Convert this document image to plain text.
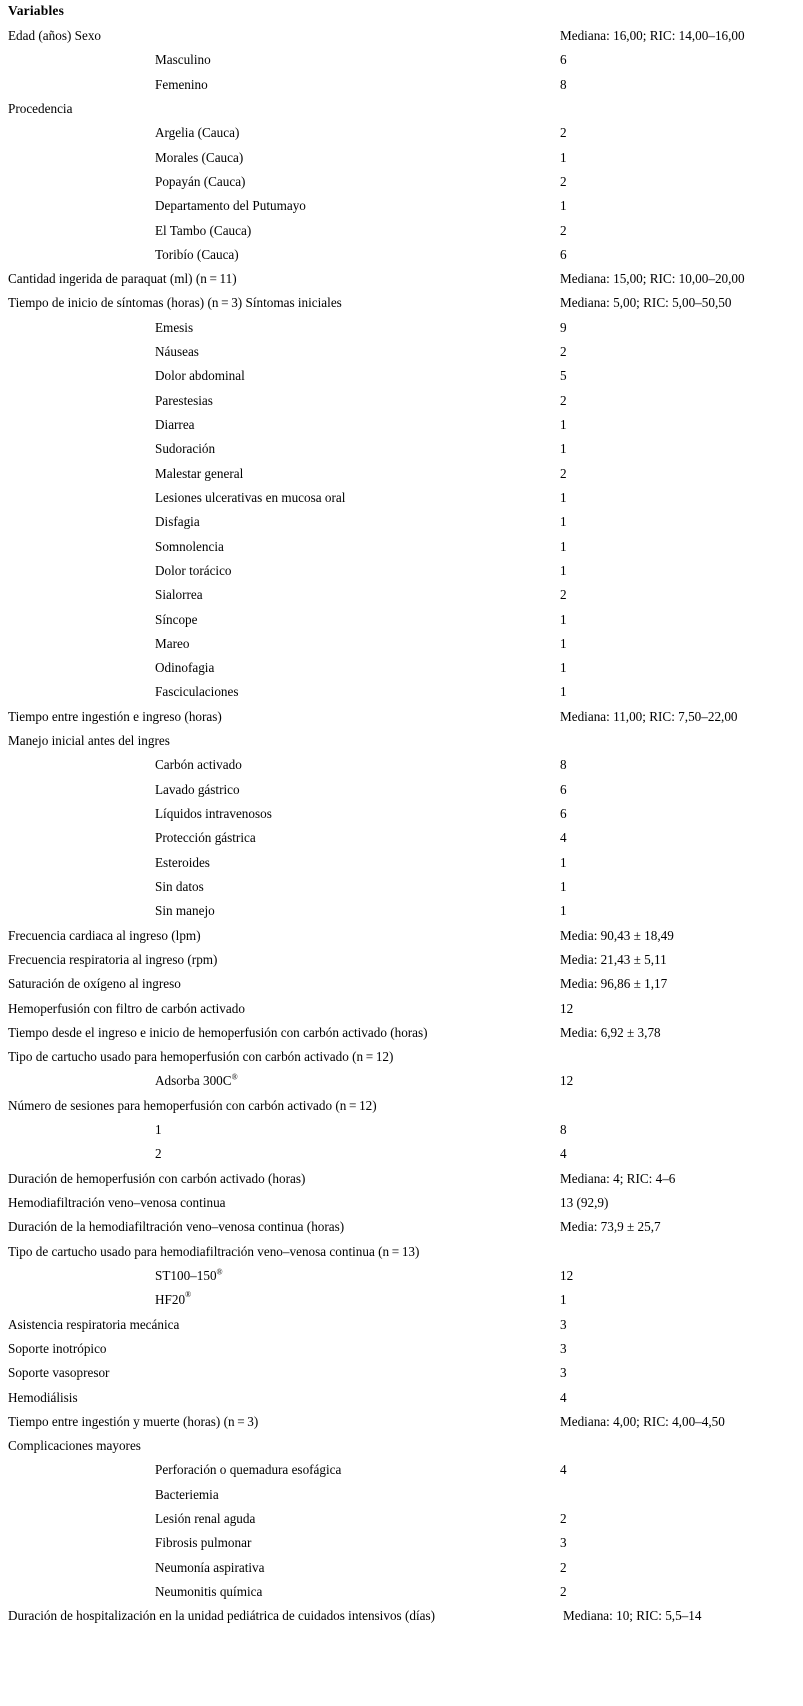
Variables
Edad (años) Sexo	Mediana: 16,00; RIC: 14,00–16,00
Masculino	6
Femenino	8
Procedencia
Argelia (Cauca)	2
Morales (Cauca)	1
Popayán (Cauca)	2
Departamento del Putumayo	1
El Tambo (Cauca)	2
Toribío (Cauca)	6
Cantidad ingerida de paraquat (ml) (n = 11)	Mediana: 15,00; RIC: 10,00–20,00
Tiempo de inicio de síntomas (horas) (n = 3) Síntomas iniciales	Mediana: 5,00; RIC: 5,00–50,50
Emesis	9
Náuseas	2
Dolor abdominal	5
Parestesias	2
Diarrea	1
Sudoración	1
Malestar general	2
Lesiones ulcerativas en mucosa oral	1
Disfagia	1
Somnolencia	1
Dolor torácico	1
Sialorrea	2
Síncope	1
Mareo	1
Odinofagia	1
Fasciculaciones	1
Tiempo entre ingestión e ingreso (horas)	Mediana: 11,00; RIC: 7,50–22,00
Manejo inicial antes del ingres
Carbón activado	8
Lavado gástrico	6
Líquidos intravenosos	6
Protección gástrica	4
Esteroides	1
Sin datos	1
Sin manejo	1
Frecuencia cardiaca al ingreso (lpm)	Media: 90,43 ± 18,49
Frecuencia respiratoria al ingreso (rpm)	Media: 21,43 ± 5,11
Saturación de oxígeno al ingreso	Media: 96,86 ± 1,17
Hemoperfusión con filtro de carbón activado	12
Tiempo desde el ingreso e inicio de hemoperfusión con carbón activado (horas)	Media: 6,92 ± 3,78
Tipo de cartucho usado para hemoperfusión con carbón activado (n = 12)
Adsorba 300C®	12
Número de sesiones para hemoperfusión con carbón activado (n = 12)
1	8
2	4
Duración de hemoperfusión con carbón activado (horas)	Mediana: 4; RIC: 4–6
Hemodiafiltración veno–venosa continua	13 (92,9)
Duración de la hemodiafiltración veno–venosa continua (horas)	Media: 73,9 ± 25,7
Tipo de cartucho usado para hemodiafiltración veno–venosa continua (n = 13)
ST100–150®	12
HF20®	1
Asistencia respiratoria mecánica	3
Soporte inotrópico	3
Soporte vasopresor	3
Hemodiálisis	4
Tiempo entre ingestión y muerte (horas) (n = 3)	Mediana: 4,00; RIC: 4,00–4,50
Complicaciones mayores
Perforación o quemadura esofágica	4
Bacteriemia
Lesión renal aguda	2
Fibrosis pulmonar	3
Neumonía aspirativa	2
Neumonitis química	2
Duración de hospitalización en la unidad pediátrica de cuidados intensivos (días)	Mediana: 10; RIC: 5,5–14
